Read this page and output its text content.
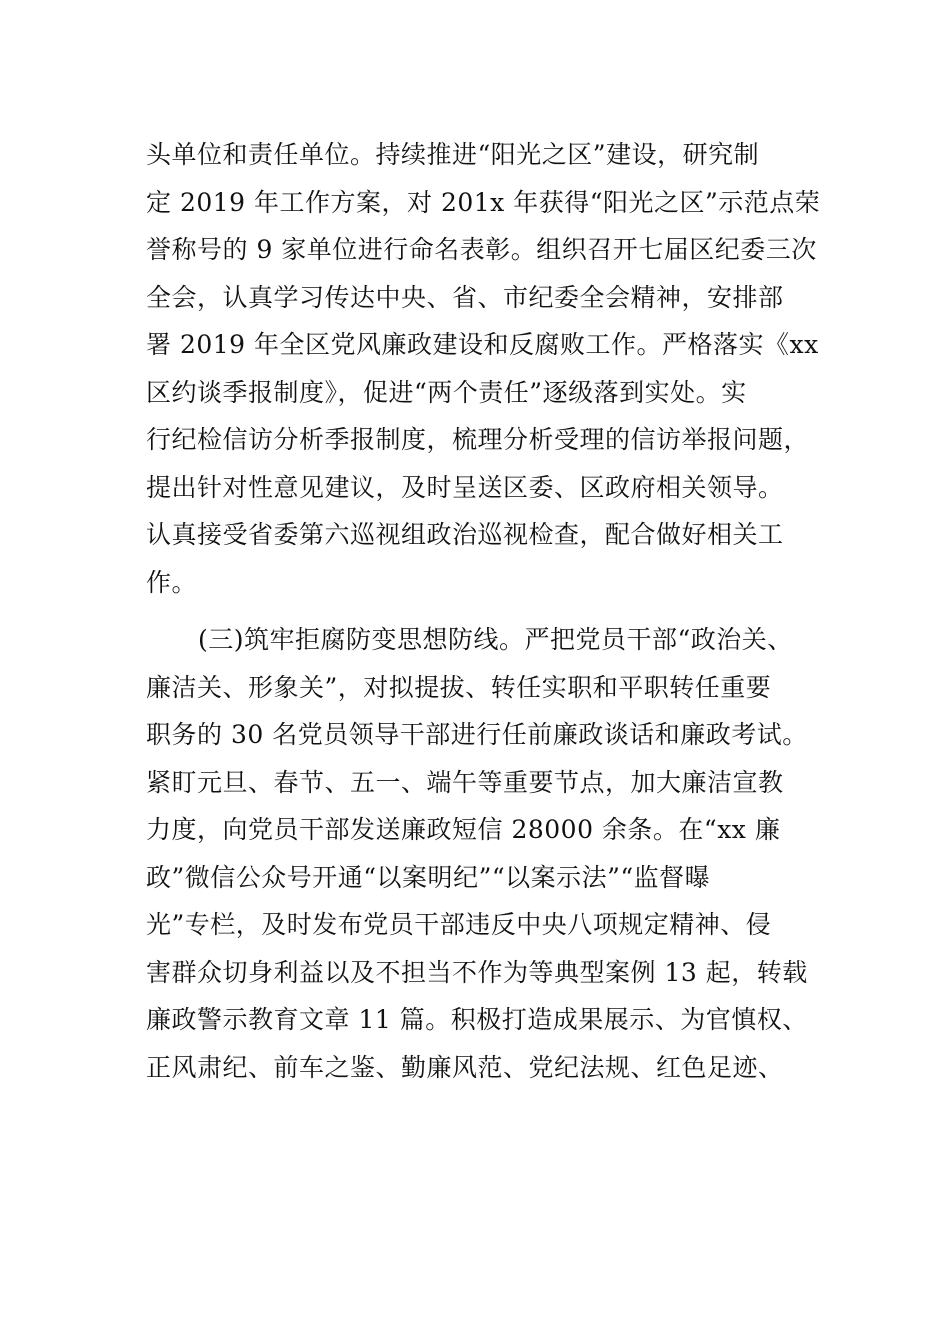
头单位和责任单位。持续推进“阳光之区”建设，研究制
定 2019 年工作方案，对 201x 年获得“阳光之区”示范点荣
誉称号的 9 家单位进行命名表彰。组织召开七届区纪委三次
全会，认真学习传达中央、省、市纪委全会精神，安排部
署 2019 年全区党风廉政建设和反腐败工作。严格落实《xx
区约谈季报制度》，促进“两个责任”逐级落到实处。实
行纪检信访分析季报制度，梳理分析受理的信访举报问题，
提出针对性意见建议，及时呈送区委、区政府相关领导。
认真接受省委第六巡视组政治巡视检查，配合做好相关工
作。
(三)筑牢拒腐防变思想防线。严把党员干部“政治关、
廉洁关、形象关”，对拟提拔、转任实职和平职转任重要
职务的 30 名党员领导干部进行任前廉政谈话和廉政考试。
紧盯元旦、春节、五一、端午等重要节点，加大廉洁宣教
力度，向党员干部发送廉政短信 28000 余条。在“xx 廉
政”微信公众号开通“以案明纪”“以案示法”“监督曝
光”专栏，及时发布党员干部违反中央八项规定精神、侵
害群众切身利益以及不担当不作为等典型案例 13 起，转载
廉政警示教育文章 11 篇。积极打造成果展示、为官慎权、
正风肃纪、前车之鉴、勤廉风范、党纪法规、红色足迹、
